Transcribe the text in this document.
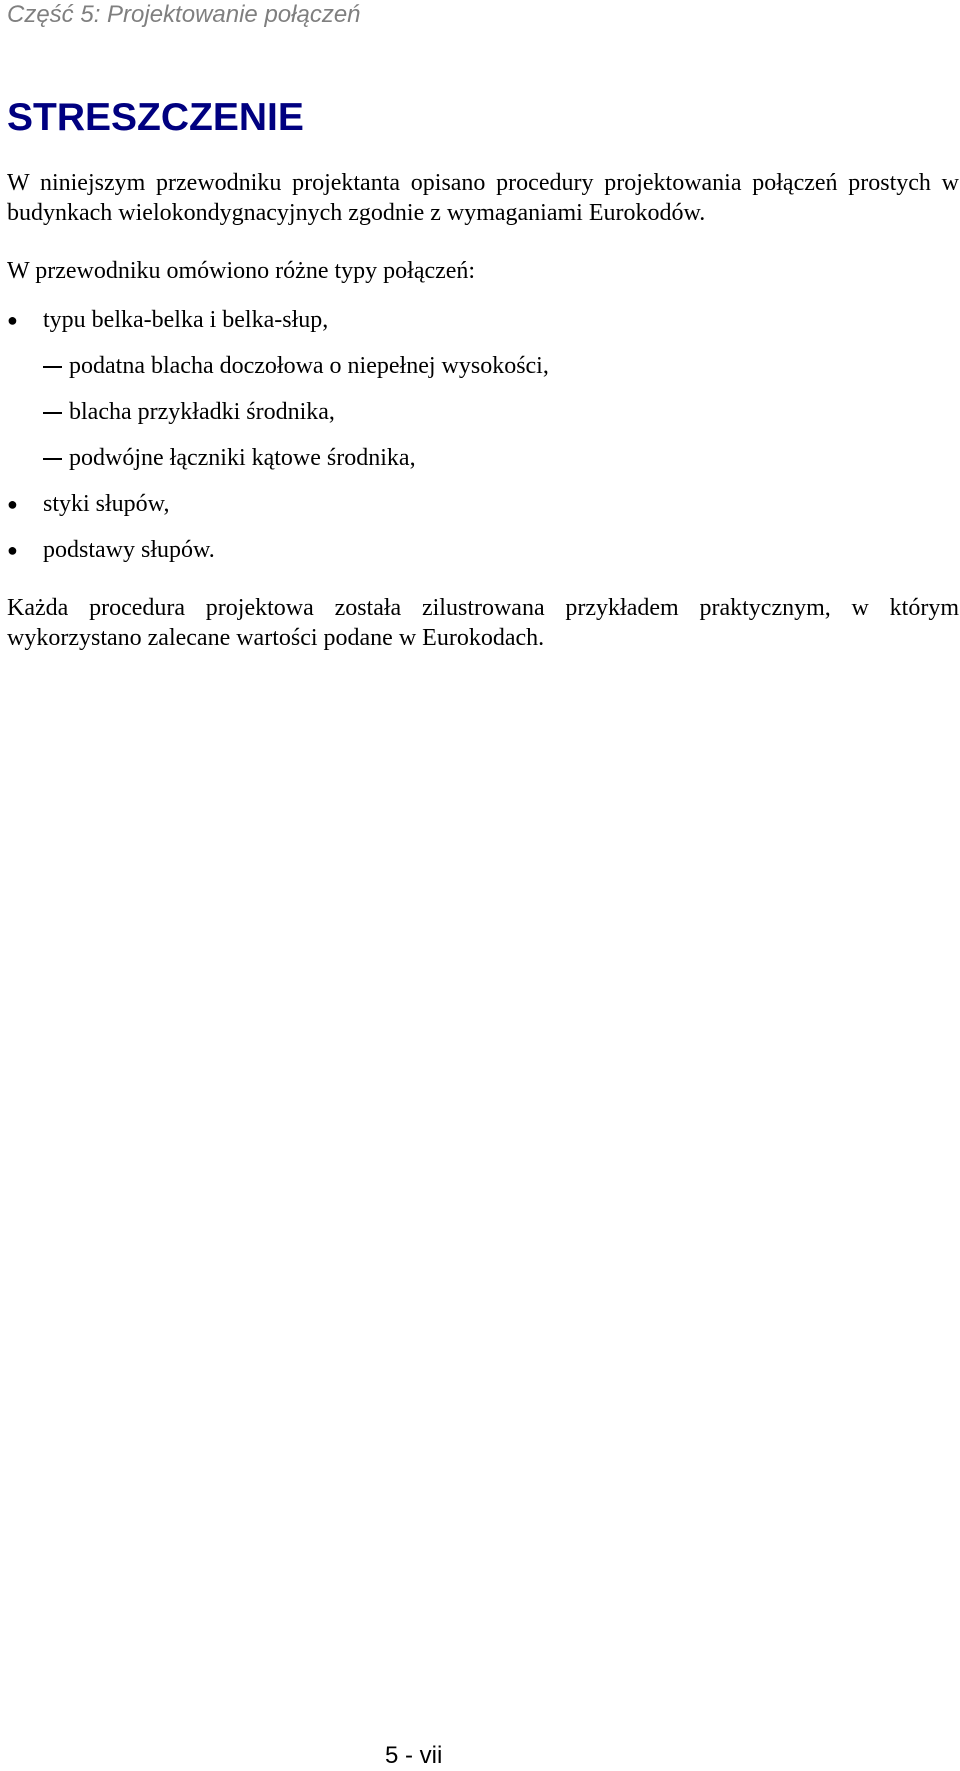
Część 5: Projektowanie połączeń
STRESZCZENIE

W niniejszym przewodniku projektanta opisano procedury projektowania połączeń prostych w budynkach wielokondygnacyjnych zgodnie z wymaganiami Eurokodów.

W przewodniku omówiono różne typy połączeń:

● typu belka-belka i belka-słup,
podatna blacha doczołowa o niepełnej wysokości,
blacha przykładki środnika,
podwójne łączniki kątowe środnika,
● styki słupów,
● podstawy słupów.

Każda procedura projektowa została zilustrowana przykładem praktycznym, w którym wykorzystano zalecane wartości podane w Eurokodach.

5 - vii
